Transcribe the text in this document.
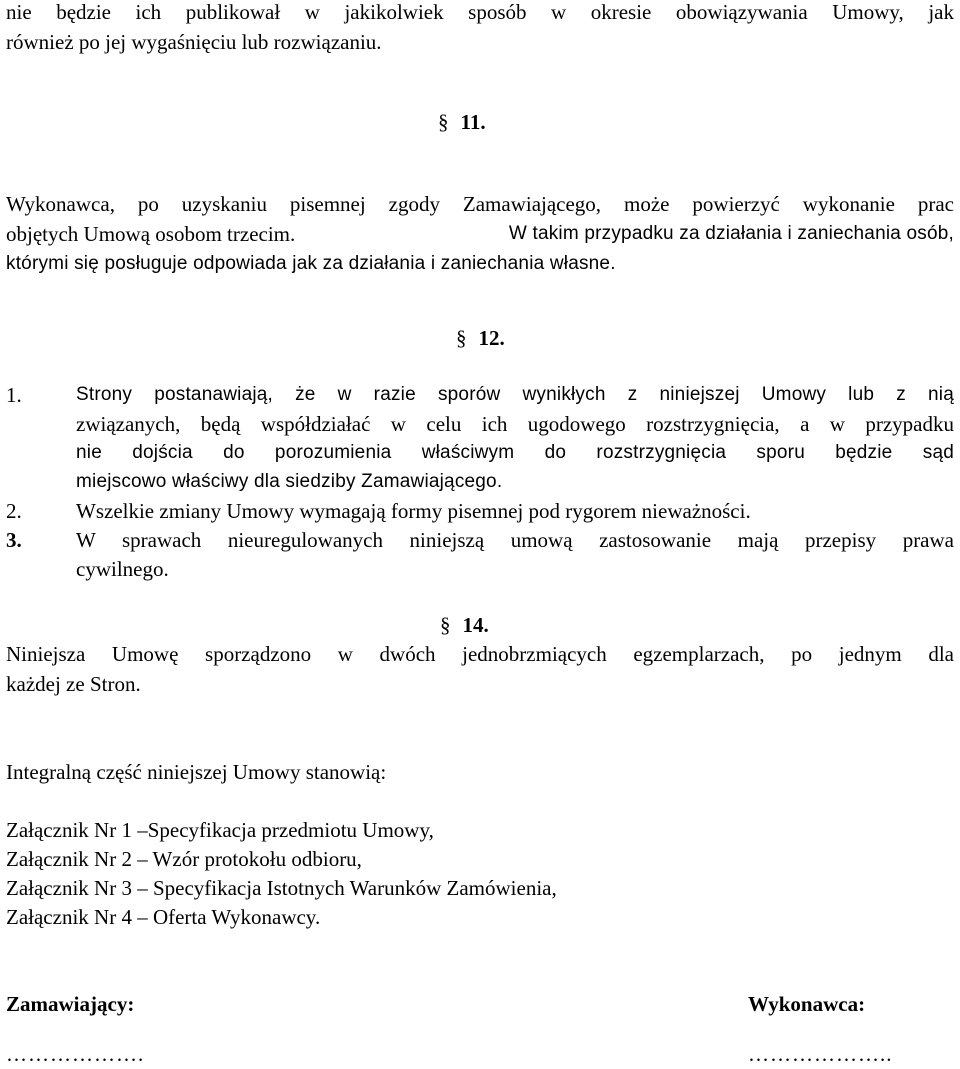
nie będzie ich publikował w jakikolwiek sposób w okresie obowiązywania Umowy, jak
również po jej wygaśnięciu lub rozwiązaniu.
§ 11.
Wykonawca, po uzyskaniu pisemnej zgody Zamawiającego, może powierzyć wykonanie prac
objętych Umową osobom trzecim.	W takim przypadku za działania i zaniechania osób,
którymi się posługuje odpowiada jak za działania i zaniechania własne.
§ 12.
1.	Strony postanawiają, że w razie sporów wynikłych z niniejszej Umowy lub z nią
związanych, będą współdziałać w celu ich ugodowego rozstrzygnięcia, a w przypadku
nie dojścia do porozumienia właściwym do rozstrzygnięcia sporu będzie sąd
miejscowo właściwy dla siedziby Zamawiającego.
2.	Wszelkie zmiany Umowy wymagają formy pisemnej pod rygorem nieważności.
3.	W sprawach nieuregulowanych niniejszą umową zastosowanie mają przepisy prawa
cywilnego.
§ 14.
Niniejsza Umowę sporządzono w dwóch jednobrzmiących egzemplarzach, po jednym dla
każdej ze Stron.
Integralną część niniejszej Umowy stanowią:
Załącznik Nr 1 –Specyfikacja przedmiotu Umowy,
Załącznik Nr 2 – Wzór protokołu odbioru,
Załącznik Nr 3 – Specyfikacja Istotnych Warunków Zamówienia,
Załącznik Nr 4 – Oferta Wykonawcy.
Zamawiający:	Wykonawca:
……………….	………………..
